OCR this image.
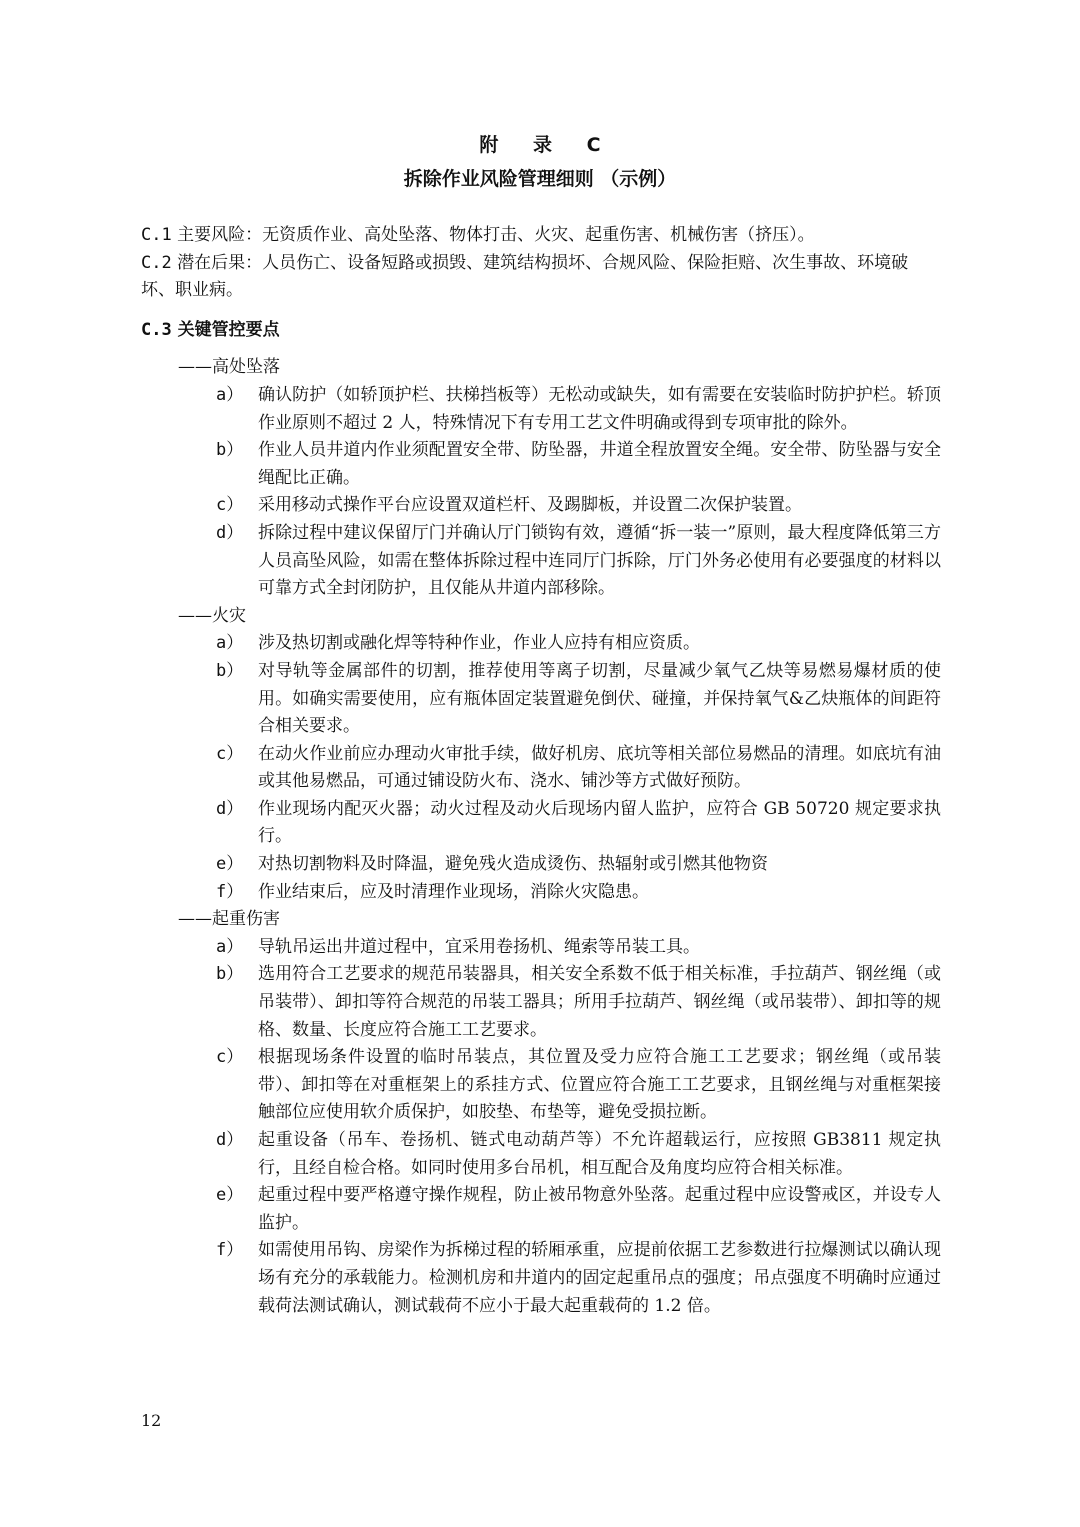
附 录 C
拆除作业风险管理细则 （示例）

C.1 主要风险：无资质作业、高处坠落、物体打击、火灾、起重伤害、机械伤害（挤压）。

C.2 潜在后果：人员伤亡、设备短路或损毁、建筑结构损坏、合规风险、保险拒赔、次生事故、环境破坏、职业病。

C.3 关键管控要点

——高处坠落
a） 确认防护（如轿顶护栏、扶梯挡板等）无松动或缺失，如有需要在安装临时防护护栏。轿顶作业原则不超过 2 人，特殊情况下有专用工艺文件明确或得到专项审批的除外。
b） 作业人员井道内作业须配置安全带、防坠器，井道全程放置安全绳。安全带、防坠器与安全绳配比正确。
c） 采用移动式操作平台应设置双道栏杆、及踢脚板，并设置二次保护装置。
d） 拆除过程中建议保留厅门并确认厅门锁钩有效，遵循“拆一装一”原则，最大程度降低第三方人员高坠风险，如需在整体拆除过程中连同厅门拆除，厅门外务必使用有必要强度的材料以可靠方式全封闭防护，且仅能从井道内部移除。
——火灾
a） 涉及热切割或融化焊等特种作业，作业人应持有相应资质。
b） 对导轨等金属部件的切割，推荐使用等离子切割，尽量减少氧气乙炔等易燃易爆材质的使用。如确实需要使用，应有瓶体固定装置避免倒伏、碰撞，并保持氧气&乙炔瓶体的间距符合相关要求。
c） 在动火作业前应办理动火审批手续，做好机房、底坑等相关部位易燃品的清理。如底坑有油或其他易燃品，可通过铺设防火布、浇水、铺沙等方式做好预防。
d） 作业现场内配灭火器；动火过程及动火后现场内留人监护，应符合 GB 50720 规定要求执行。
e） 对热切割物料及时降温，避免残火造成烫伤、热辐射或引燃其他物资
f） 作业结束后，应及时清理作业现场，消除火灾隐患。
——起重伤害
a） 导轨吊运出井道过程中，宜采用卷扬机、绳索等吊装工具。
b） 选用符合工艺要求的规范吊装器具，相关安全系数不低于相关标准，手拉葫芦、钢丝绳（或吊装带）、卸扣等符合规范的吊装工器具；所用手拉葫芦、钢丝绳（或吊装带）、卸扣等的规格、数量、长度应符合施工工艺要求。
c） 根据现场条件设置的临时吊装点，其位置及受力应符合施工工艺要求；钢丝绳（或吊装带）、卸扣等在对重框架上的系挂方式、位置应符合施工工艺要求，且钢丝绳与对重框架接触部位应使用软介质保护，如胶垫、布垫等，避免受损拉断。
d） 起重设备（吊车、卷扬机、链式电动葫芦等）不允许超载运行，应按照 GB3811 规定执行，且经自检合格。如同时使用多台吊机，相互配合及角度均应符合相关标准。
e） 起重过程中要严格遵守操作规程，防止被吊物意外坠落。起重过程中应设警戒区，并设专人监护。
f） 如需使用吊钩、房梁作为拆梯过程的轿厢承重，应提前依据工艺参数进行拉爆测试以确认现场有充分的承载能力。检测机房和井道内的固定起重吊点的强度；吊点强度不明确时应通过载荷法测试确认，测试载荷不应小于最大起重载荷的 1.2 倍。
12
